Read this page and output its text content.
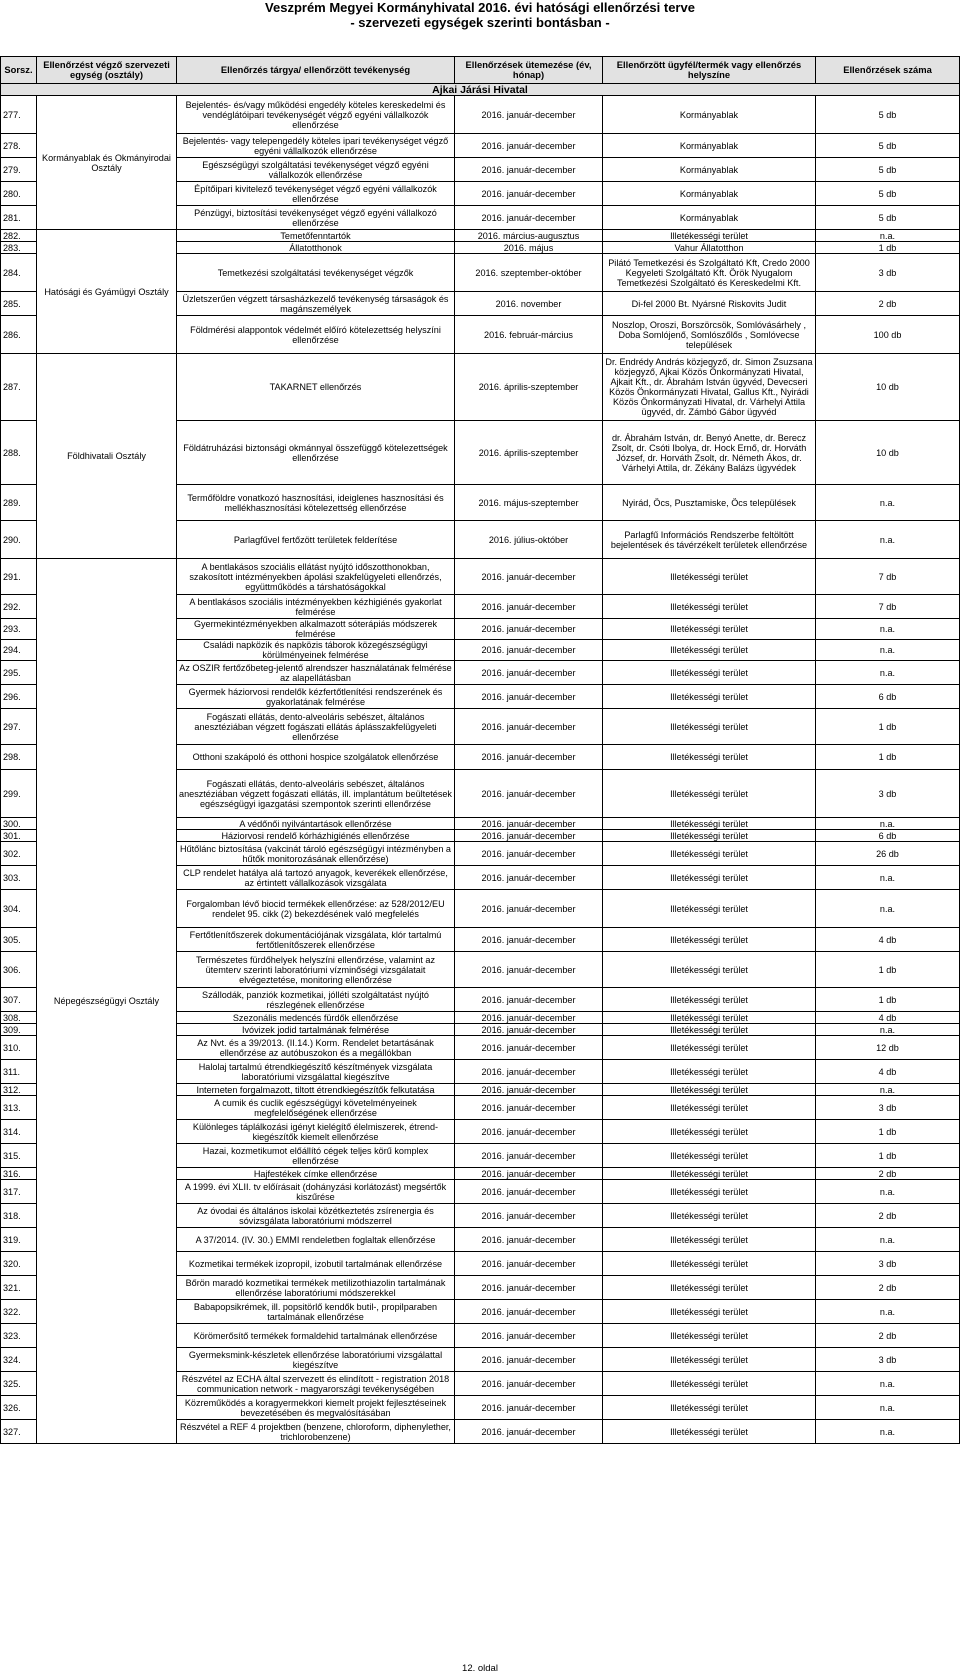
Veszprém Megyei Kormányhivatal 2016. évi hatósági ellenőrzési terve
- szervezeti egységek szerinti bontásban -
Sorsz.	Ellenőrzést végző szervezeti egység (osztály)	Ellenőrzés tárgya/ ellenőrzött tevékenység	Ellenőrzések ütemezése (év, hónap)	Ellenőrzött ügyfél/termék vagy ellenőrzés helyszíne	Ellenőrzések száma
Ajkai Járási Hivatal					
277.	Kormányablak és Okmányirodai Osztály	Bejelentés- és/vagy működési engedély köteles kereskedelmi és vendéglátóipari tevékenységét végző egyéni vállalkozók ellenőrzése	2016. január-december	Kormányablak	5 db
278.		Bejelentés- vagy telepengedély köteles ipari tevékenységet végző egyéni vállalkozók ellenőrzése	2016. január-december	Kormányablak	5 db
279.		Egészségügyi szolgáltatási tevékenységet végző egyéni vállalkozók ellenőrzése	2016. január-december	Kormányablak	5 db
280.		Építőipari kivitelező tevékenységet végző egyéni vállalkozók ellenőrzése	2016. január-december	Kormányablak	5 db
281.		Pénzügyi, biztosítási tevékenységet végző egyéni vállalkozó ellenőrzése	2016. január-december	Kormányablak	5 db
282.	Hatósági és Gyámügyi Osztály	Temetőfenntartók	2016. március-augusztus	Illetékességi terület	n.a.
283.		Állatotthonok	2016. május	Vahur Állatotthon	1 db
284.		Temetkezési szolgáltatási tevékenységet végzők	2016. szeptember-október	Pilátó Temetkezési és Szolgáltató Kft, Credo 2000 Kegyeleti Szolgáltató Kft. Örök Nyugalom Temetkezési Szolgáltató és Kereskedelmi Kft.	3 db
285.		Üzletszerűen végzett társasházkezelő tevékenység társaságok és magánszemélyek	2016. november	Di-fel 2000 Bt. Nyársné Riskovits Judit	2 db
286.		Földmérési alappontok védelmét előíró kötelezettség helyszíni ellenőrzése	2016. február-március	Noszlop, Oroszi, Borszörcsök, Somlóvásárhely , Doba Somlójenő, Somlószőlős , Somlóvecse települések	100 db
287.	Földhivatali Osztály	TAKARNET ellenőrzés	2016. április-szeptember	Dr. Endrédy András közjegyző, dr. Simon Zsuzsana közjegyző, Ajkai Közös Önkormányzati Hivatal, Ajkait Kft., dr. Ábrahám István ügyvéd, Devecseri Közös Önkormányzati Hivatal, Gallus Kft., Nyirádi Közös Önkormányzati Hivatal, dr. Várhelyi Attila ügyvéd, dr. Zámbó Gábor ügyvéd	10 db
288.		Földátruházási biztonsági okmánnyal összefüggő kötelezettségek ellenőrzése	2016. április-szeptember	dr. Ábrahám István, dr. Benyó Anette, dr. Berecz Zsolt, dr. Csóti Ibolya, dr. Hock Ernő, dr. Horváth József, dr. Horváth Zsolt, dr. Németh Ákos, dr. Várhelyi Attila, dr. Zékány Balázs ügyvédek	10 db
289.		Termőföldre vonatkozó hasznosítási, ideiglenes hasznosítási és mellékhasznosítási kötelezettség ellenőrzése	2016. május-szeptember	Nyirád, Öcs, Pusztamiske, Öcs települések	n.a.
290.		Parlagfűvel fertőzött területek felderítése	2016. július-október	Parlagfű Információs Rendszerbe feltöltött bejelentések és távérzékelt területek ellenőrzése	n.a.
291.	Népegészségügyi Osztály	A bentlakásos szociális ellátást nyújtó időszotthonokban, szakosított intézményekben ápolási szakfelügyeleti ellenőrzés, együttműködés a társhatóságokkal	2016. január-december	Illetékességi terület	7 db
292.		A bentlakásos szociális intézményekben kézhigiénés gyakorlat felmérése	2016. január-december	Illetékességi terület	7 db
293.		Gyermekintézményekben alkalmazott sóterápiás módszerek felmérése	2016. január-december	Illetékességi terület	n.a.
294.		Családi napközik és napközis táborok közegészségügyi körülményeinek felmérése	2016. január-december	Illetékességi terület	n.a.
295.		Az OSZIR fertőzőbeteg-jelentő alrendszer használatának felmérése az alapellátásban	2016. január-december	Illetékességi terület	n.a.
296.		Gyermek háziorvosi rendelők kézfertőtlenítési rendszerének és gyakorlatának felmérése	2016. január-december	Illetékességi terület	6 db
297.		Fogászati ellátás, dento-alveoláris sebészet, általános anesztéziában végzett fogászati ellátás áplásszakfelügyeleti ellenőrzése	2016. január-december	Illetékességi terület	1 db
298.		Otthoni szakápoló és otthoni hospice szolgálatok ellenőrzése	2016. január-december	Illetékességi terület	1 db
299.		Fogászati ellátás, dento-alveoláris sebészet, általános anesztéziában végzett fogászati ellátás, ill. implantátum beültetések egészségügyi igazgatási szempontok szerinti ellenőrzése	2016. január-december	Illetékességi terület	3 db
300.		A védőnői nyilvántartások ellenőrzése	2016. január-december	Illetékességi terület	n.a.
301.		Háziorvosi rendelő kórházhigiénés ellenőrzése	2016. január-december	Illetékességi terület	6 db
302.		Hűtőlánc biztosítása (vakcinát tároló egészségügyi intézményben a hűtők monitorozásának ellenőrzése)	2016. január-december	Illetékességi terület	26 db
303.		CLP rendelet hatálya alá tartozó anyagok, keverékek ellenőrzése, az értintett vállalkozások vizsgálata	2016. január-december	Illetékességi terület	n.a.
304.		Forgalomban lévő biocid termékek ellenőrzése: az 528/2012/EU rendelet 95. cikk (2) bekezdésének való megfelelés	2016. január-december	Illetékességi terület	n.a.
305.		Fertőtlenítőszerek dokumentációjának vizsgálata, klór tartalmú fertőtlenítőszerek ellenőrzése	2016. január-december	Illetékességi terület	4 db
306.		Természetes fürdőhelyek helyszíni ellenőrzése, valamint az ütemterv szerinti laboratóriumi vízminőségi vizsgálatait elvégeztetése, monitoring ellenőrzése	2016. január-december	Illetékességi terület	1 db
307.		Szállodák, panziók kozmetikai, jólléti szolgáltatást nyújtó részlegének ellenőrzése	2016. január-december	Illetékességi terület	1 db
308.		Szezonális medencés fürdők ellenőrzése	2016. január-december	Illetékességi terület	4 db
309.		Ivóvizek jodid tartalmának felmérése	2016. január-december	Illetékességi terület	n.a.
310.		Az Nvt. és a 39/2013. (II.14.) Korm. Rendelet betartásának ellenőrzése az autóbuszokon és a megállókban	2016. január-december	Illetékességi terület	12 db
311.		Halolaj tartalmú étrendkiegészítő készítmények vizsgálata laboratóriumi vizsgálattal kiegészítve	2016. január-december	Illetékességi terület	4 db
312.		Interneten forgalmazott, tiltott étrendkiegészítők felkutatása	2016. január-december	Illetékességi terület	n.a.
313.		A cumik és cuclik egészségügyi követelményeinek megfelelőségének ellenőrzése	2016. január-december	Illetékességi terület	3 db
314.		Különleges táplálkozási igényt kielégítő élelmiszerek, étrend-kiegészítők kiemelt ellenőrzése	2016. január-december	Illetékességi terület	1 db
315.		Hazai, kozmetikumot előállító cégek teljes körű komplex ellenőrzése	2016. január-december	Illetékességi terület	1 db
316.		Hajfestékek címke ellenőrzése	2016. január-december	Illetékességi terület	2 db
317.		A 1999. évi XLII. tv előírásait (dohányzási korlátozást) megsértők kiszűrése	2016. január-december	Illetékességi terület	n.a.
318.		Az óvodai és általános iskolai közétkeztetés zsírenergia és sóvizsgálata laboratóriumi módszerrel	2016. január-december	Illetékességi terület	2 db
319.		A 37/2014. (IV. 30.) EMMI rendeletben foglaltak ellenőrzése	2016. január-december	Illetékességi terület	n.a.
320.		Kozmetikai termékek izopropil, izobutil tartalmának ellenőrzése	2016. január-december	Illetékességi terület	3 db
321.		Bőrön maradó kozmetikai termékek metilizothiazolin tartalmának ellenőrzése laboratóriumi módszerekkel	2016. január-december	Illetékességi terület	2 db
322.		Babapopsikrémek, ill. popsitörlő kendők butil-, propilparaben tartalmának ellenőrzése	2016. január-december	Illetékességi terület	n.a.
323.		Körömerősítő termékek formaldehid tartalmának ellenőrzése	2016. január-december	Illetékességi terület	2 db
324.		Gyermeksmink-készletek ellenőrzése laboratóriumi vizsgálattal kiegészítve	2016. január-december	Illetékességi terület	3 db
325.		Részvétel az ECHA által szervezett és elindított - registration 2018 communication network - magyarországi tevékenységében	2016. január-december	Illetékességi terület	n.a.
326.		Közreműködés a koragyermekkori kiemelt projekt fejlesztéseinek bevezetésében és megvalósításában	2016. január-december	Illetékességi terület	n.a.
327.		Részvétel a REF 4 projektben (benzene, chloroform, diphenylether, trichlorobenzene)	2016. január-december	Illetékességi terület	n.a.
12. oldal
